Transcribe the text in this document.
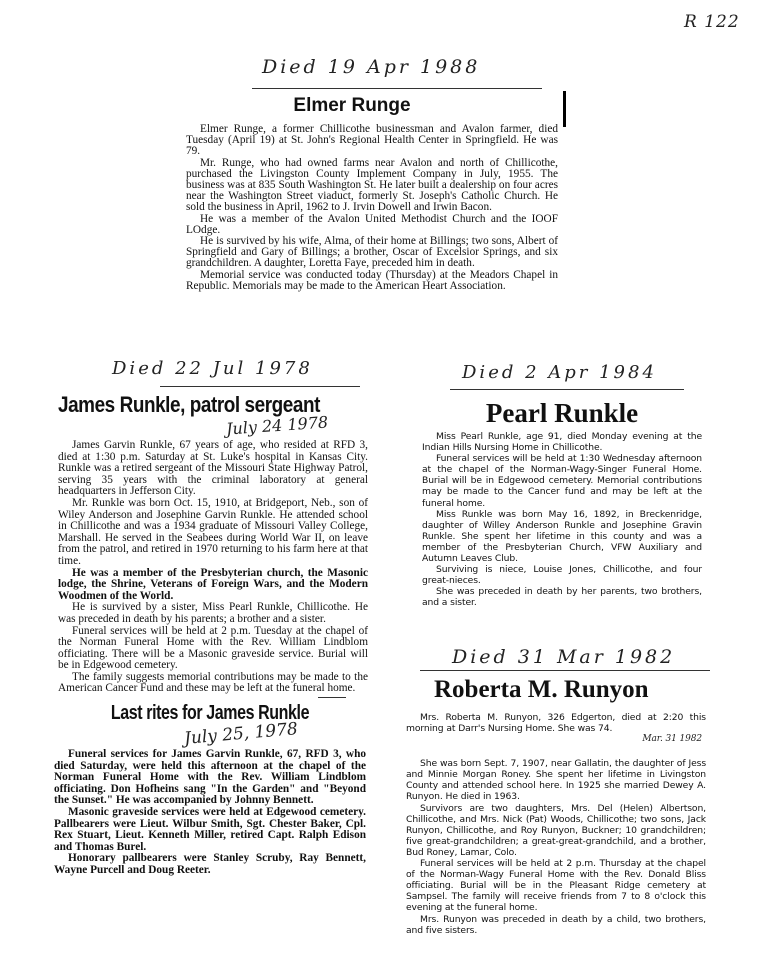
R 122
Died 19 Apr 1988
Elmer Runge

Elmer Runge, a former Chillicothe businessman and Avalon farmer, died Tuesday (April 19) at St. John's Regional Health Center in Springfield. He was 79.

Mr. Runge, who had owned farms near Avalon and north of Chillicothe, purchased the Livingston County Implement Company in July, 1955. The business was at 835 South Washington St. He later built a dealership on four acres near the Washington Street viaduct, formerly St. Joseph's Catholic Church. He sold the business in April, 1962 to J. Irvin Dowell and Irwin Bacon.

He was a member of the Avalon United Methodist Church and the IOOF LOdge.

He is survived by his wife, Alma, of their home at Billings; two sons, Albert of Springfield and Gary of Billings; a brother, Oscar of Excelsior Springs, and six grandchildren. A daughter, Loretta Faye, preceded him in death.

Memorial service was conducted today (Thursday) at the Meadors Chapel in Republic. Memorials may be made to the American Heart Association.

Died 22 Jul 1978
James Runkle, patrol sergeant
July 24 1978

James Garvin Runkle, 67 years of age, who resided at RFD 3, died at 1:30 p.m. Saturday at St. Luke's hospital in Kansas City. Runkle was a retired sergeant of the Missouri State Highway Patrol, serving 35 years with the criminal laboratory at general headquarters in Jefferson City.

Mr. Runkle was born Oct. 15, 1910, at Bridgeport, Neb., son of Wiley Anderson and Josephine Garvin Runkle. He attended school in Chillicothe and was a 1934 graduate of Missouri Valley College, Marshall. He served in the Seabees during World War II, on leave from the patrol, and retired in 1970 returning to his farm here at that time.

He was a member of the Presbyterian church, the Masonic lodge, the Shrine, Veterans of Foreign Wars, and the Modern Woodmen of the World.

He is survived by a sister, Miss Pearl Runkle, Chillicothe. He was preceded in death by his parents; a brother and a sister.

Funeral services will be held at 2 p.m. Tuesday at the chapel of the Norman Funeral Home with the Rev. William Lindblom officiating. There will be a Masonic graveside service. Burial will be in Edgewood cemetery.

The family suggests memorial contributions may be made to the American Cancer Fund and these may be left at the funeral home.

Last rites for James Runkle
July 25, 1978

Funeral services for James Garvin Runkle, 67, RFD 3, who died Saturday, were held this afternoon at the chapel of the Norman Funeral Home with the Rev. William Lindblom officiating. Don Hofheins sang "In the Garden" and "Beyond the Sunset." He was accompanied by Johnny Bennett.

Masonic graveside services were held at Edgewood cemetery. Pallbearers were Lieut. Wilbur Smith, Sgt. Chester Baker, Cpl. Rex Stuart, Lieut. Kenneth Miller, retired Capt. Ralph Edison and Thomas Burel.

Honorary pallbearers were Stanley Scruby, Ray Bennett, Wayne Purcell and Doug Reeter.

Died 2 Apr 1984
Pearl Runkle

Miss Pearl Runkle, age 91, died Monday evening at the Indian Hills Nursing Home in Chillicothe.

Funeral services will be held at 1:30 Wednesday afternoon at the chapel of the Norman-Wagy-Singer Funeral Home. Burial will be in Edgewood cemetery. Memorial contributions may be made to the Cancer fund and may be left at the funeral home.

Miss Runkle was born May 16, 1892, in Breckenridge, daughter of Willey Anderson Runkle and Josephine Gravin Runkle. She spent her lifetime in this county and was a member of the Presbyterian Church, VFW Auxiliary and Autumn Leaves Club.

Surviving is niece, Louise Jones, Chillicothe, and four great-nieces.

She was preceded in death by her parents, two brothers, and a sister.

Died 31 Mar 1982
Roberta M. Runyon

Mrs. Roberta M. Runyon, 326 Edgerton, died at 2:20 this morning at Darr's Nursing Home. She was 74.

Mar. 31 1982

She was born Sept. 7, 1907, near Gallatin, the daughter of Jess and Minnie Morgan Roney. She spent her lifetime in Livingston County and attended school here. In 1925 she married Dewey A. Runyon. He died in 1963.

Survivors are two daughters, Mrs. Del (Helen) Albertson, Chillicothe, and Mrs. Nick (Pat) Woods, Chillicothe; two sons, Jack Runyon, Chillicothe, and Roy Runyon, Buckner; 10 grandchildren; five great-grandchildren; a great-great-grandchild, and a brother, Bud Roney, Lamar, Colo.

Funeral services will be held at 2 p.m. Thursday at the chapel of the Norman-Wagy Funeral Home with the Rev. Donald Bliss officiating. Burial will be in the Pleasant Ridge cemetery at Sampsel. The family will receive friends from 7 to 8 o'clock this evening at the funeral home.

Mrs. Runyon was preceded in death by a child, two brothers, and five sisters.
